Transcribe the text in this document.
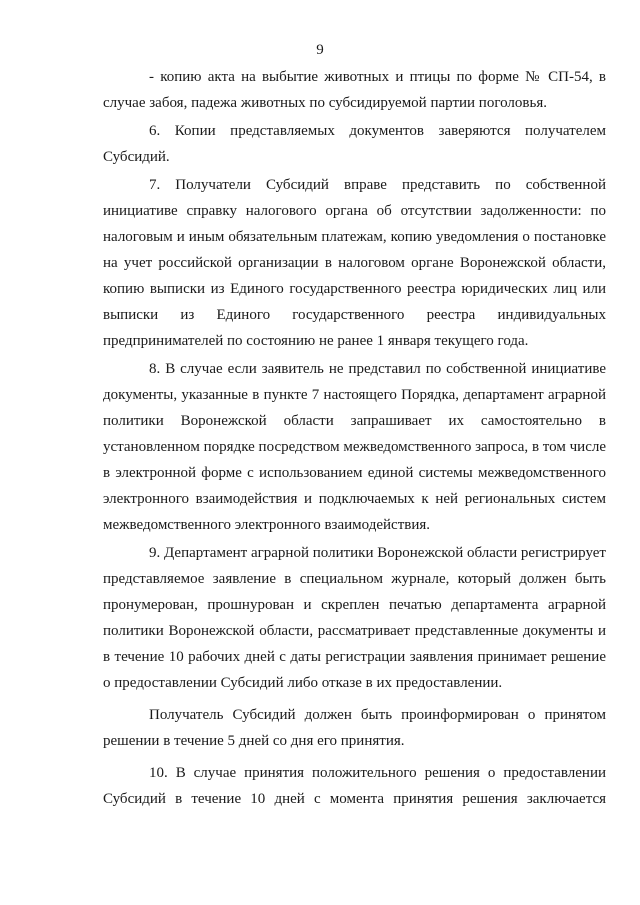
9

- копию акта на выбытие животных и птицы по форме № СП-54, в случае забоя, падежа животных по субсидируемой партии поголовья.

6. Копии представляемых документов заверяются получателем Субсидий.

7. Получатели Субсидий вправе представить по собственной инициативе справку налогового органа об отсутствии задолженности: по налоговым и иным обязательным платежам, копию уведомления о постановке на учет российской организации в налоговом органе Воронежской области, копию выписки из Единого государственного реестра юридических лиц или выписки из Единого государственного реестра индивидуальных предпринимателей по состоянию не ранее 1 января текущего года.

8. В случае если заявитель не представил по собственной инициативе документы, указанные в пункте 7 настоящего Порядка, департамент аграрной политики Воронежской области запрашивает их самостоятельно в установленном порядке посредством межведомственного запроса, в том числе в электронной форме с использованием единой системы межведомственного электронного взаимодействия и подключаемых к ней региональных систем межведомственного электронного взаимодействия.

9. Департамент аграрной политики Воронежской области регистрирует представляемое заявление в специальном журнале, который должен быть пронумерован, прошнурован и скреплен печатью департамента аграрной политики Воронежской области, рассматривает представленные документы и в течение 10 рабочих дней с даты регистрации заявления принимает решение о предоставлении Субсидий либо отказе в их предоставлении.

Получатель Субсидий должен быть проинформирован о принятом решении в течение 5 дней со дня его принятия.

10. В случае принятия положительного решения о предоставлении Субсидий в течение 10 дней с момента принятия решения заключается
